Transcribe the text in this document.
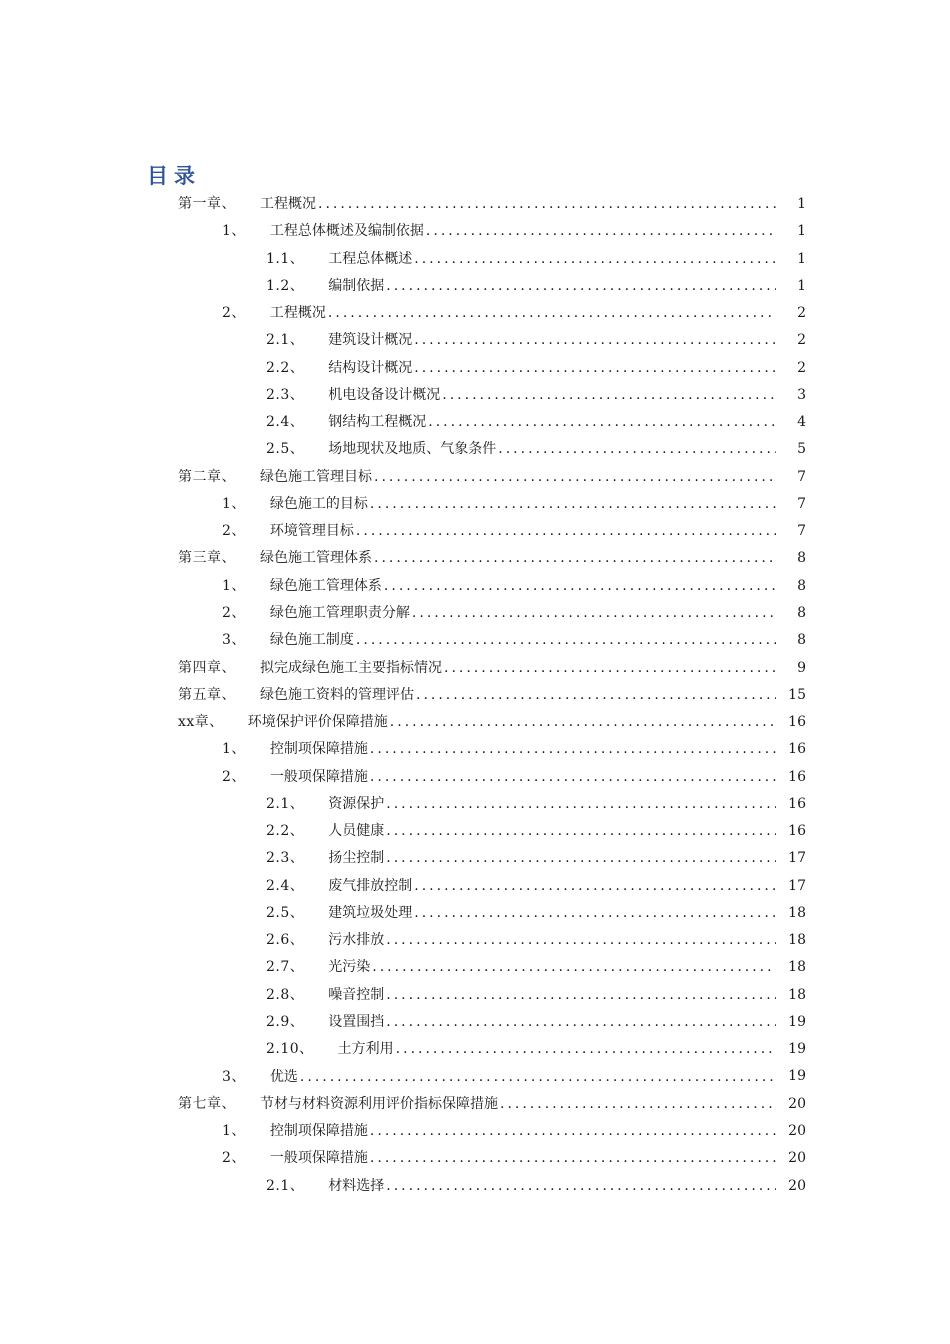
目录
第一章、 工程概况 .....	1
1、 工程总体概述及编制依据 .....	1
1.1、 工程总体概述 .....	1
1.2、 编制依据 .....	1
2、 工程概况 .....	2
2.1、 建筑设计概况 .....	2
2.2、 结构设计概况 .....	2
2.3、 机电设备设计概况 .....	3
2.4、 钢结构工程概况 .....	4
2.5、 场地现状及地质、气象条件 .....	5
第二章、 绿色施工管理目标 .....	7
1、 绿色施工的目标 .....	7
2、 环境管理目标 .....	7
第三章、 绿色施工管理体系 .....	8
1、 绿色施工管理体系 .....	8
2、 绿色施工管理职责分解 .....	8
3、 绿色施工制度 .....	8
第四章、 拟完成绿色施工主要指标情况 .....	9
第五章、 绿色施工资料的管理评估 .....	15
xx章、 环境保护评价保障措施 .....	16
1、 控制项保障措施 .....	16
2、 一般项保障措施 .....	16
2.1、 资源保护 .....	16
2.2、 人员健康 .....	16
2.3、 扬尘控制 .....	17
2.4、 废气排放控制 .....	17
2.5、 建筑垃圾处理 .....	18
2.6、 污水排放 .....	18
2.7、 光污染 .....	18
2.8、 噪音控制 .....	18
2.9、 设置围挡 .....	19
2.10、 土方利用 .....	19
3、 优选 .....	19
第七章、 节材与材料资源利用评价指标保障措施 .....	20
1、 控制项保障措施 .....	20
2、 一般项保障措施 .....	20
2.1、 材料选择 .....	20
